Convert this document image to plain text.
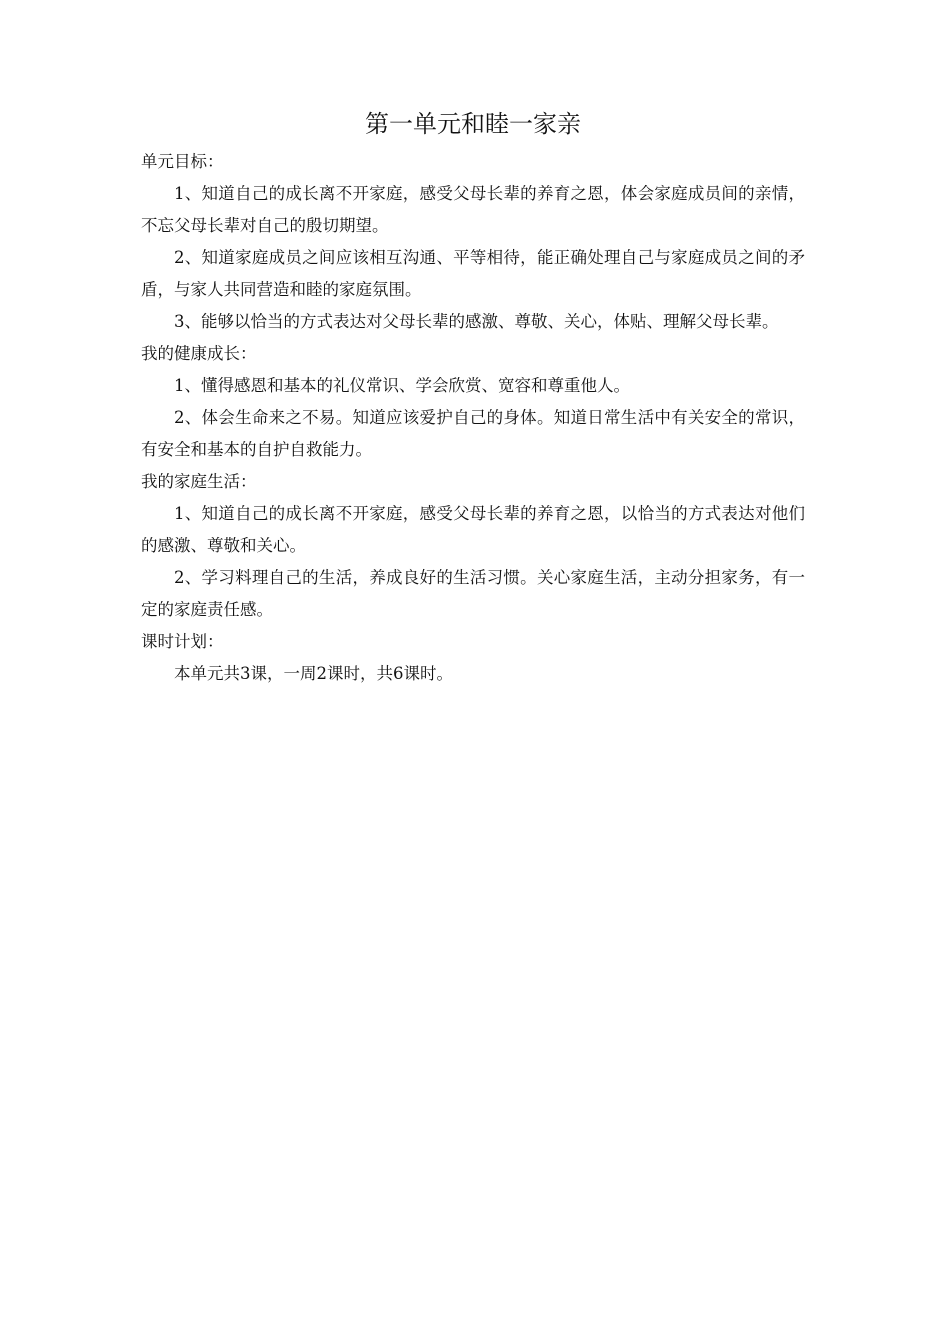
第一单元和睦一家亲

单元目标：

1、知道自己的成长离不开家庭，感受父母长辈的养育之恩，体会家庭成员间的亲情，不忘父母长辈对自己的殷切期望。

2、知道家庭成员之间应该相互沟通、平等相待，能正确处理自己与家庭成员之间的矛盾，与家人共同营造和睦的家庭氛围。

3、能够以恰当的方式表达对父母长辈的感激、尊敬、关心，体贴、理解父母长辈。

我的健康成长：

1、懂得感恩和基本的礼仪常识、学会欣赏、宽容和尊重他人。

2、体会生命来之不易。知道应该爱护自己的身体。知道日常生活中有关安全的常识，有安全和基本的自护自救能力。

我的家庭生活：

1、知道自己的成长离不开家庭，感受父母长辈的养育之恩，以恰当的方式表达对他们的感激、尊敬和关心。

2、学习料理自己的生活，养成良好的生活习惯。关心家庭生活，主动分担家务，有一定的家庭责任感。

课时计划：

本单元共3课，一周2课时，共6课时。
